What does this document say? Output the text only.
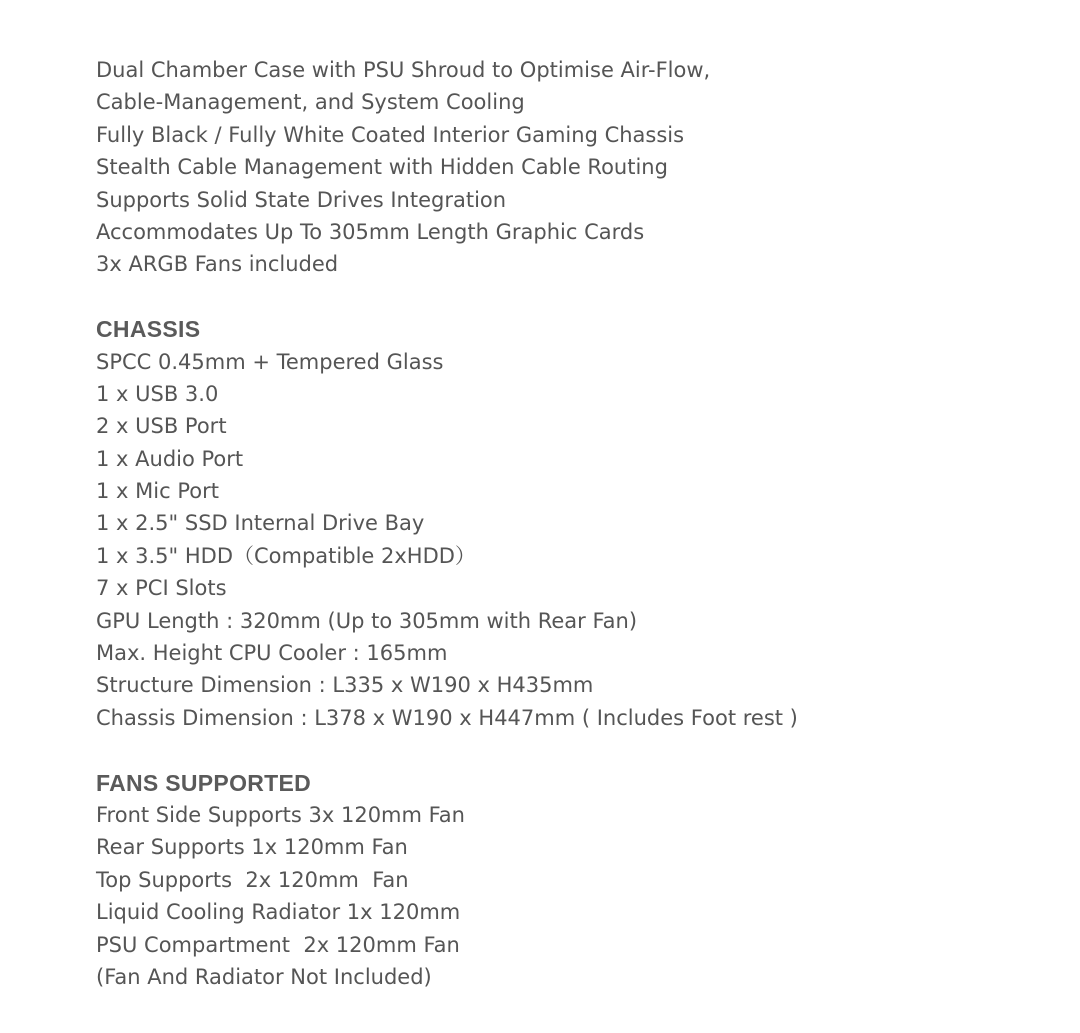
Dual Chamber Case with PSU Shroud to Optimise Air-Flow,
Cable-Management, and System Cooling
Fully Black / Fully White Coated Interior Gaming Chassis
Stealth Cable Management with Hidden Cable Routing
Supports Solid State Drives Integration
Accommodates Up To 305mm Length Graphic Cards
3x ARGB Fans included
CHASSIS
SPCC 0.45mm + Tempered Glass
1 x USB 3.0
2 x USB Port
1 x Audio Port
1 x Mic Port
1 x 2.5" SSD Internal Drive Bay
1 x 3.5" HDD（Compatible 2xHDD）
7 x PCI Slots
GPU Length : 320mm (Up to 305mm with Rear Fan)
Max. Height CPU Cooler : 165mm
Structure Dimension : L335 x W190 x H435mm
Chassis Dimension : L378 x W190 x H447mm ( Includes Foot rest )
FANS SUPPORTED
Front Side Supports 3x 120mm Fan
Rear Supports 1x 120mm Fan
Top Supports  2x 120mm  Fan
Liquid Cooling Radiator 1x 120mm
PSU Compartment  2x 120mm Fan
(Fan And Radiator Not Included)
